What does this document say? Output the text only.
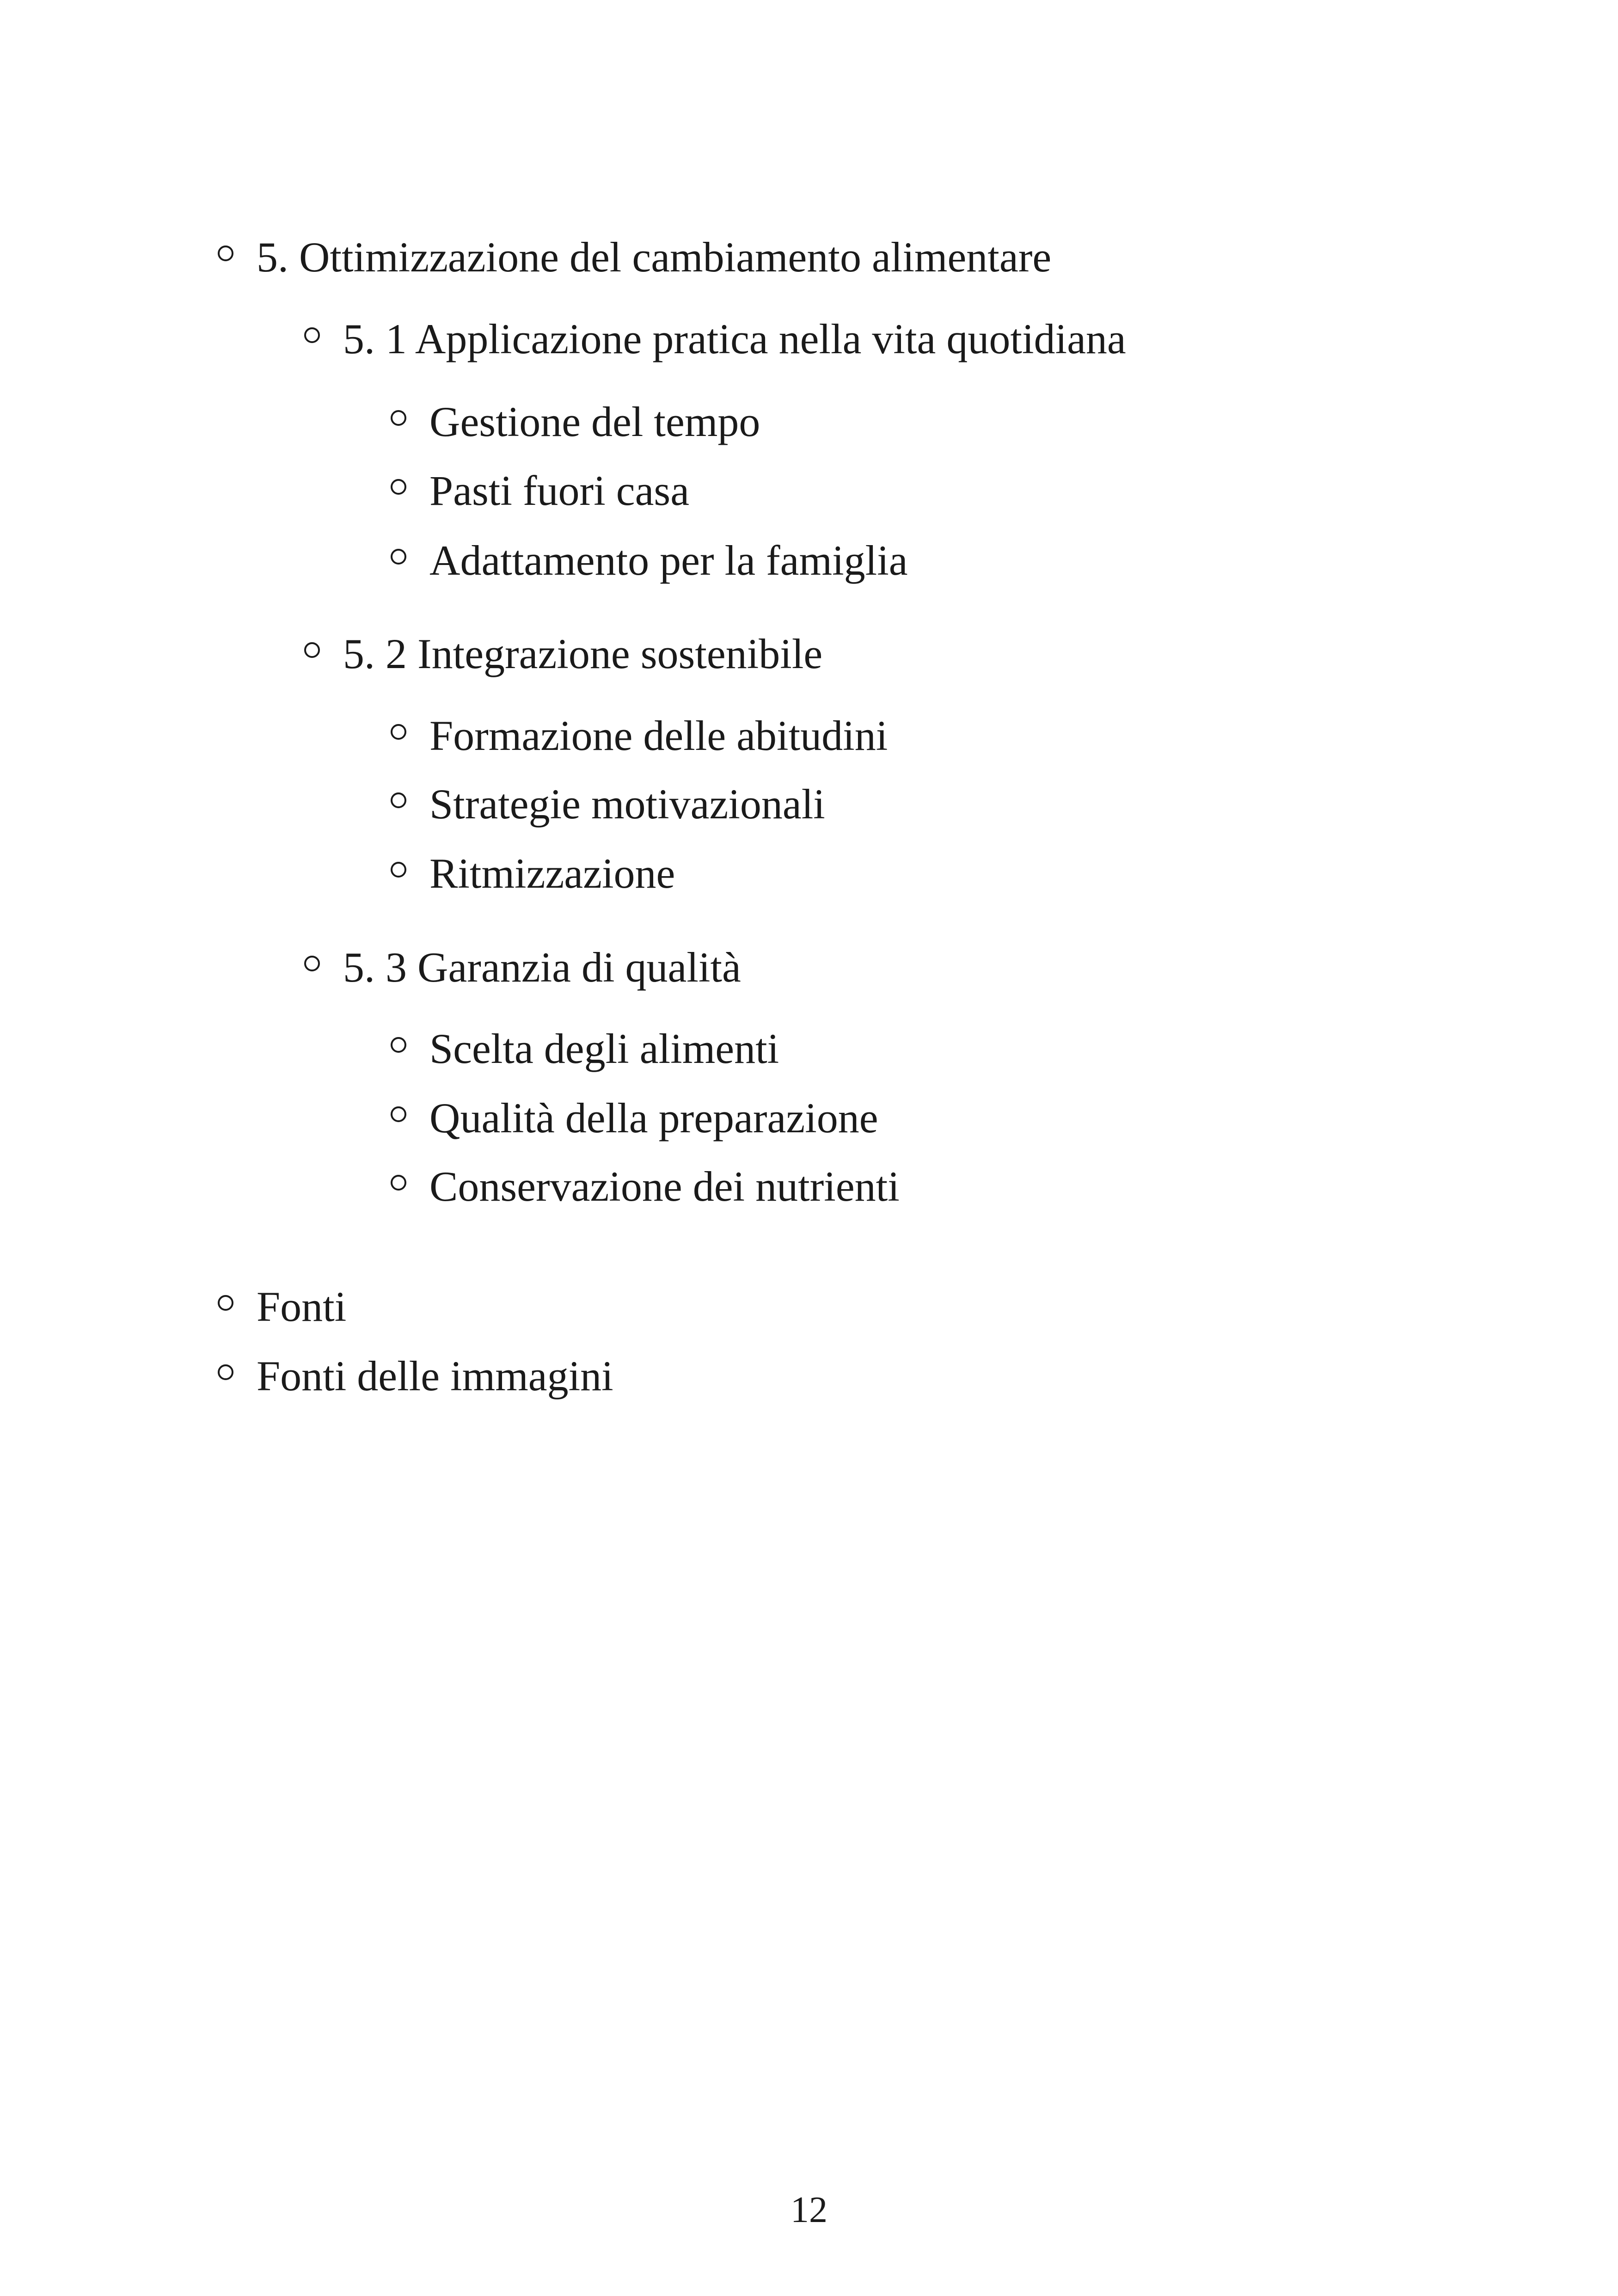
5. Ottimizzazione del cambiamento alimentare
5. 1 Applicazione pratica nella vita quotidiana
Gestione del tempo
Pasti fuori casa
Adattamento per la famiglia
5. 2 Integrazione sostenibile
Formazione delle abitudini
Strategie motivazionali
Ritmizzazione
5. 3 Garanzia di qualità
Scelta degli alimenti
Qualità della preparazione
Conservazione dei nutrienti
Fonti
Fonti delle immagini
12
